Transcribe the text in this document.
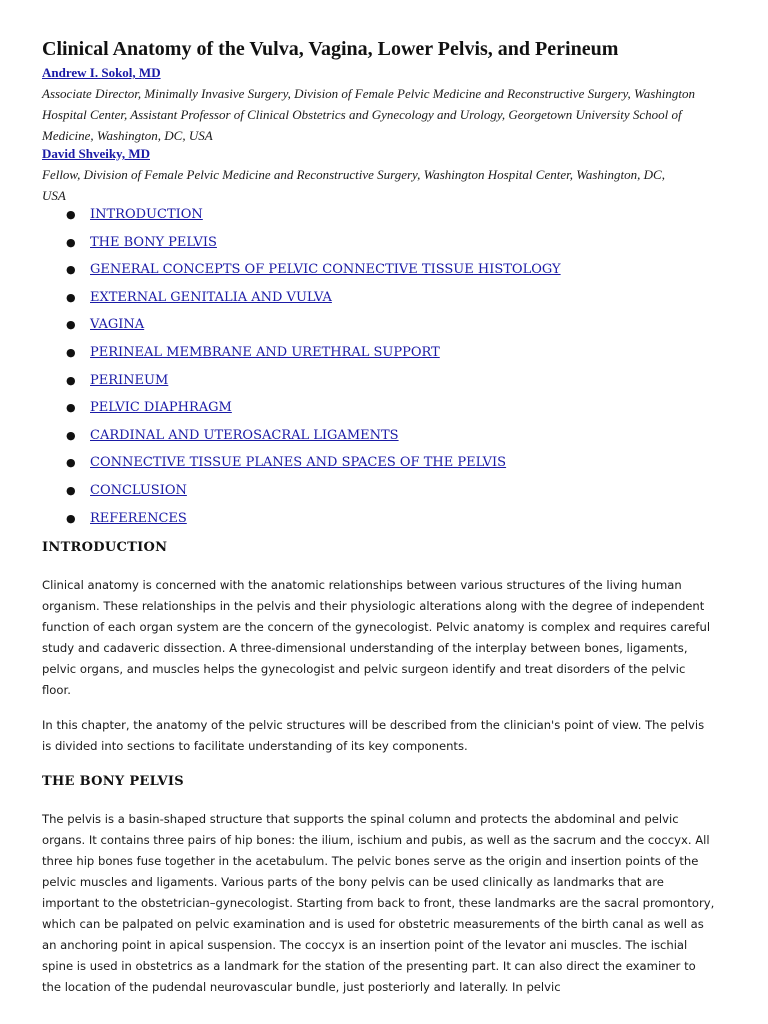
Clinical Anatomy of the Vulva, Vagina, Lower Pelvis, and Perineum
Andrew I. Sokol, MD
Associate Director, Minimally Invasive Surgery, Division of Female Pelvic Medicine and Reconstructive Surgery, Washington Hospital Center, Assistant Professor of Clinical Obstetrics and Gynecology and Urology, Georgetown University School of Medicine, Washington, DC, USA
David Shveiky, MD
Fellow, Division of Female Pelvic Medicine and Reconstructive Surgery, Washington Hospital Center, Washington, DC, USA
● INTRODUCTION
● THE BONY PELVIS
● GENERAL CONCEPTS OF PELVIC CONNECTIVE TISSUE HISTOLOGY
● EXTERNAL GENITALIA AND VULVA
● VAGINA
● PERINEAL MEMBRANE AND URETHRAL SUPPORT
● PERINEUM
● PELVIC DIAPHRAGM
● CARDINAL AND UTEROSACRAL LIGAMENTS
● CONNECTIVE TISSUE PLANES AND SPACES OF THE PELVIS
● CONCLUSION
● REFERENCES
INTRODUCTION

Clinical anatomy is concerned with the anatomic relationships between various structures of the living human organism. These relationships in the pelvis and their physiologic alterations along with the degree of independent function of each organ system are the concern of the gynecologist. Pelvic anatomy is complex and requires careful study and cadaveric dissection. A three-dimensional understanding of the interplay between bones, ligaments, pelvic organs, and muscles helps the gynecologist and pelvic surgeon identify and treat disorders of the pelvic floor.

In this chapter, the anatomy of the pelvic structures will be described from the clinician's point of view. The pelvis is divided into sections to facilitate understanding of its key components.

THE BONY PELVIS

The pelvis is a basin-shaped structure that supports the spinal column and protects the abdominal and pelvic organs. It contains three pairs of hip bones: the ilium, ischium and pubis, as well as the sacrum and the coccyx. All three hip bones fuse together in the acetabulum. The pelvic bones serve as the origin and insertion points of the pelvic muscles and ligaments. Various parts of the bony pelvis can be used clinically as landmarks that are important to the obstetrician–gynecologist. Starting from back to front, these landmarks are the sacral promontory, which can be palpated on pelvic examination and is used for obstetric measurements of the birth canal as well as an anchoring point in apical suspension. The coccyx is an insertion point of the levator ani muscles. The ischial spine is used in obstetrics as a landmark for the station of the presenting part. It can also direct the examiner to the location of the pudendal neurovascular bundle, just posteriorly and laterally. In pelvic
